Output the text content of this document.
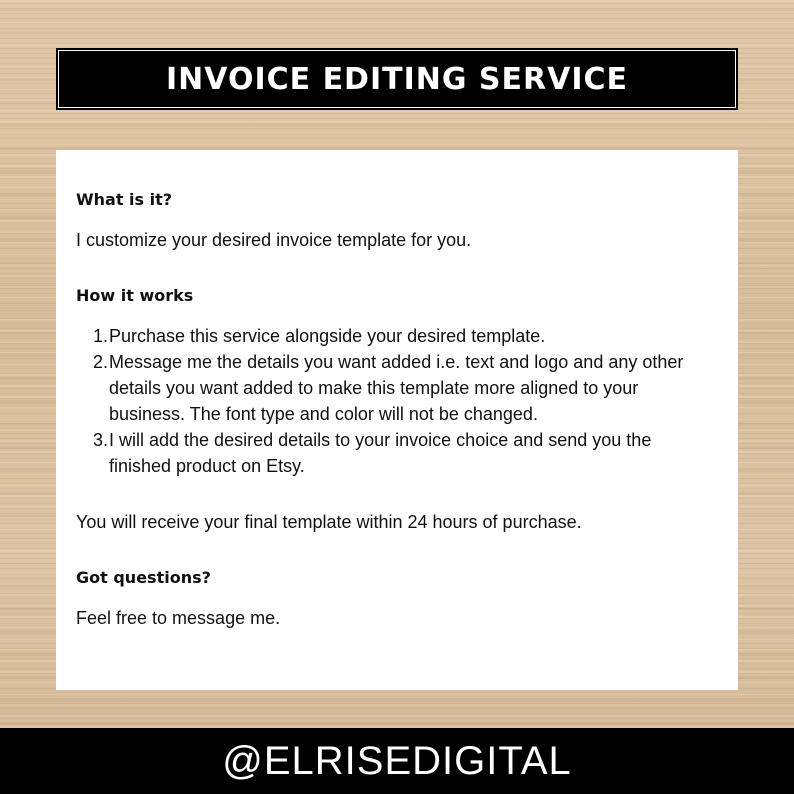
INVOICE EDITING SERVICE

What is it?

I customize your desired invoice template for you.

How it works

1. Purchase this service alongside your desired template.
2. Message me the details you want added i.e. text and logo and any other details you want added to make this template more aligned to your business. The font type and color will not be changed.
3. I will add the desired details to your invoice choice and send you the finished product on Etsy.

You will receive your final template within 24 hours of purchase.

Got questions?

Feel free to message me.

@ELRISEDIGITAL
